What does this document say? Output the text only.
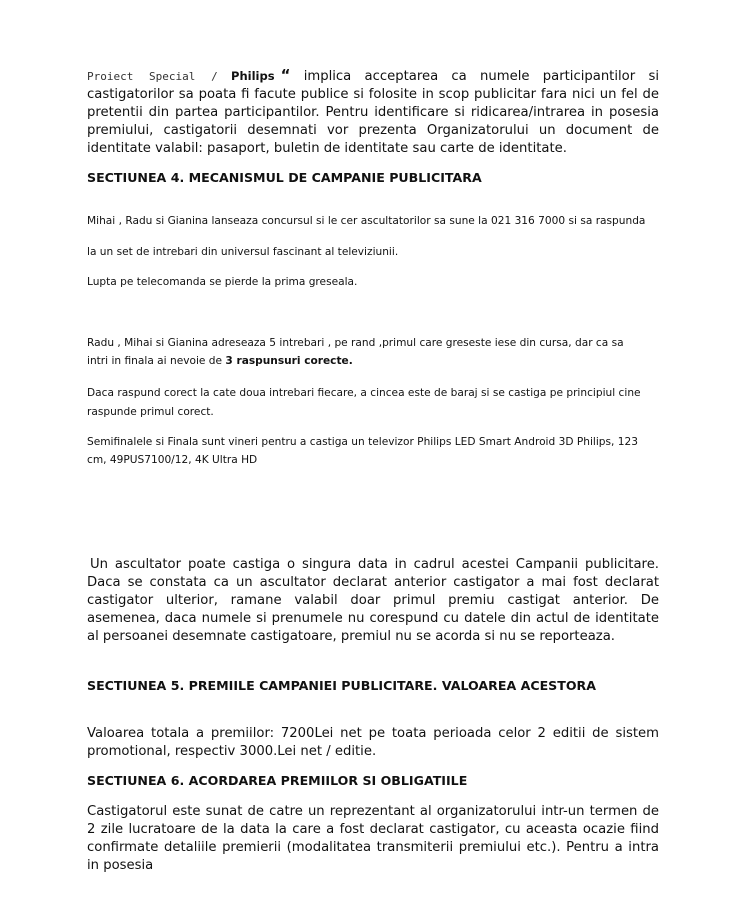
Proiect Special / Philips “ implica acceptarea ca numele participantilor si castigatorilor sa poata fi facute publice si folosite in scop publicitar fara nici un fel de pretentii din partea participantilor. Pentru identificare si ridicarea/intrarea in posesia premiului, castigatorii desemnati vor prezenta Organizatorului un document de identitate valabil: pasaport, buletin de identitate sau carte de identitate.

SECTIUNEA 4. MECANISMUL DE CAMPANIE PUBLICITARA

Mihai , Radu si Gianina lanseaza concursul si le cer ascultatorilor sa sune la 021 316 7000 si sa raspunda

la un set de intrebari din universul fascinant al televiziunii.

Lupta pe telecomanda se pierde la prima greseala.

Radu , Mihai si Gianina adreseaza 5 intrebari , pe rand ,primul care greseste iese din cursa, dar ca sa intri in finala ai nevoie de 3 raspunsuri corecte.

Daca raspund corect la cate doua intrebari fiecare, a cincea este de baraj si se castiga pe principiul cine raspunde primul corect.

Semifinalele si Finala sunt vineri pentru a castiga un televizor Philips LED Smart Android 3D Philips, 123 cm, 49PUS7100/12, 4K Ultra HD

Un ascultator poate castiga o singura data in cadrul acestei Campanii publicitare. Daca se constata ca un ascultator declarat anterior castigator a mai fost declarat castigator ulterior, ramane valabil doar primul premiu castigat anterior. De asemenea, daca numele si prenumele nu corespund cu datele din actul de identitate al persoanei desemnate castigatoare, premiul nu se acorda si nu se reporteaza.

SECTIUNEA 5. PREMIILE CAMPANIEI PUBLICITARE. VALOAREA ACESTORA

Valoarea totala a premiilor: 7200Lei net pe toata perioada celor 2 editii de sistem promotional, respectiv 3000.Lei net / editie.

SECTIUNEA 6. ACORDAREA PREMIILOR SI OBLIGATIILE

Castigatorul este sunat de catre un reprezentant al organizatorului intr-un termen de 2 zile lucratoare de la data la care a fost declarat castigator, cu aceasta ocazie fiind confirmate detaliile premierii (modalitatea transmiterii premiului etc.). Pentru a intra in posesia
